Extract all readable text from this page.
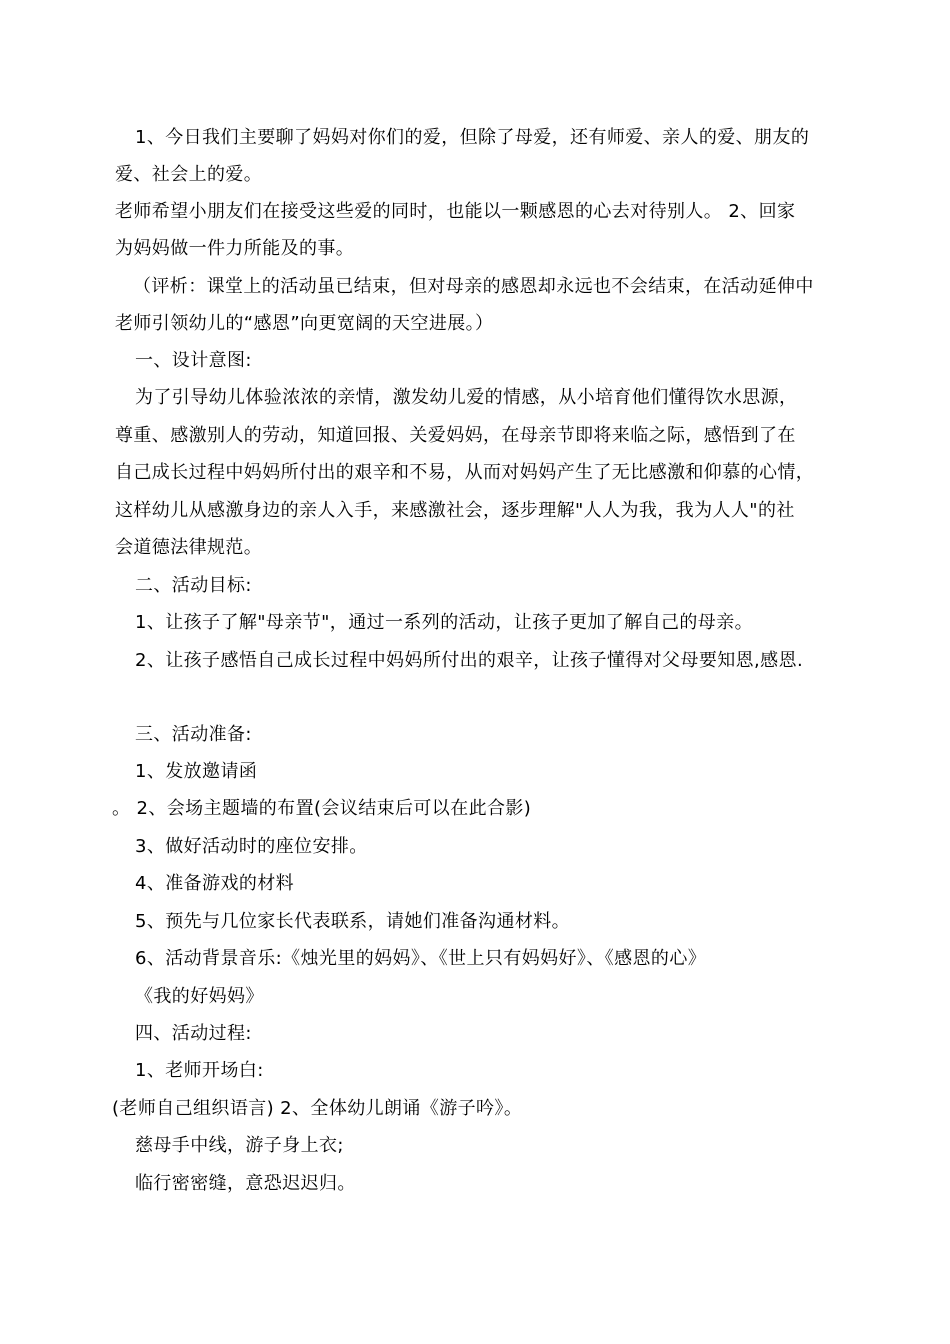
1、今日我们主要聊了妈妈对你们的爱，但除了母爱，还有师爱、亲人的爱、朋友的
爱、社会上的爱。
老师希望小朋友们在接受这些爱的同时，也能以一颗感恩的心去对待别人。 2、回家
为妈妈做一件力所能及的事。
（评析：课堂上的活动虽已结束，但对母亲的感恩却永远也不会结束，在活动延伸中
老师引领幼儿的“感恩”向更宽阔的天空进展。）
一、设计意图:
为了引导幼儿体验浓浓的亲情，激发幼儿爱的情感，从小培育他们懂得饮水思源，
尊重、感激别人的劳动，知道回报、关爱妈妈，在母亲节即将来临之际，感悟到了在
自己成长过程中妈妈所付出的艰辛和不易，从而对妈妈产生了无比感激和仰慕的心情，
这样幼儿从感激身边的亲人入手，来感激社会，逐步理解"人人为我，我为人人"的社
会道德法律规范。
二、活动目标:
1、让孩子了解"母亲节"，通过一系列的活动，让孩子更加了解自己的母亲。
2、让孩子感悟自己成长过程中妈妈所付出的艰辛，让孩子懂得对父母要知恩,感恩.
三、活动准备:
1、发放邀请函
。 2、会场主题墙的布置(会议结束后可以在此合影)
3、做好活动时的座位安排。
4、准备游戏的材料
5、预先与几位家长代表联系，请她们准备沟通材料。
6、活动背景音乐:《烛光里的妈妈》、《世上只有妈妈好》、《感恩的心》
《我的好妈妈》
四、活动过程:
1、老师开场白:
(老师自己组织语言) 2、全体幼儿朗诵《游子吟》。
慈母手中线，游子身上衣;
临行密密缝，意恐迟迟归。
